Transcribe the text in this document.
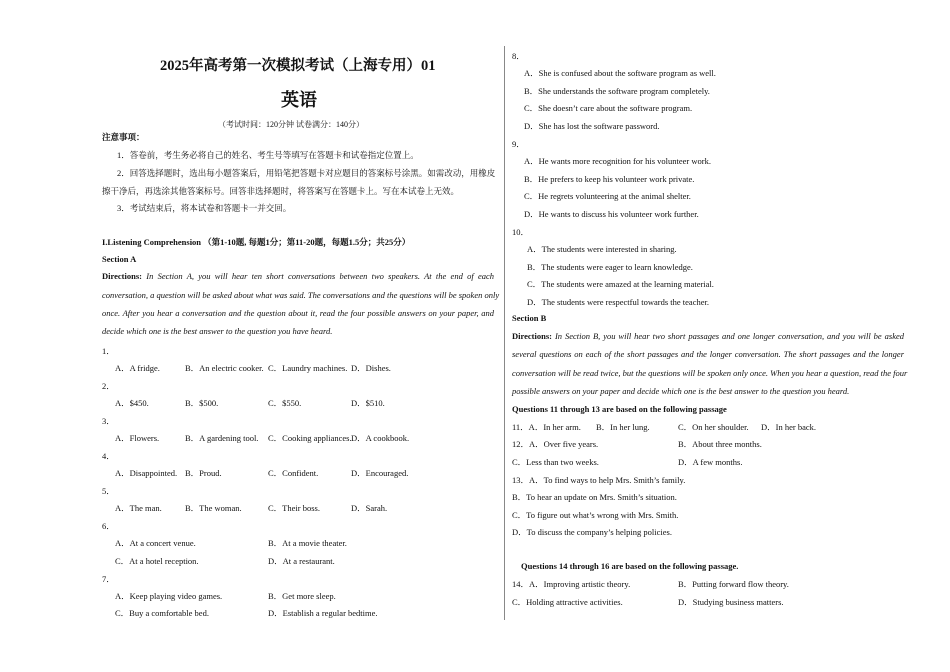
2025年高考第一次模拟考试（上海专用）01
英语
（考试时间：120分钟 试卷满分：140分）
注意事项：
1．答卷前，考生务必将自己的姓名、考生号等填写在答题卡和试卷指定位置上。
2．回答选择题时，选出每小题答案后，用铅笔把答题卡对应题目的答案标号涂黑。如需改动，用橡皮
擦干净后，再选涂其他答案标号。回答非选择题时，将答案写在答题卡上。写在本试卷上无效。
3．考试结束后，将本试卷和答题卡一并交回。
I.Listening Comprehension （第1-10题, 每题1分；第11-20题，每题1.5分；共25分）
Section A
Directions: In Section A, you will hear ten short conversations between two speakers. At the end of each
conversation, a question will be asked about what was said. The conversations and the questions will be spoken only
once. After you hear a conversation and the question about it, read the four possible answers on your paper, and
decide which one is the best answer to the question you have heard.
1．
A．A fridge.	B．An electric cooker. C．Laundry machines. D．Dishes.
2．
A．$450.	B．$500.	C．$550.	D．$510.
3．
A．Flowers.	B．A gardening tool. C．Cooking appliances. D．A cookbook.
4．
A．Disappointed. B．Proud.	C．Confident.	D．Encouraged.
5．
A．The man.	B．The woman.	C．Their boss.	D．Sarah.
6．
A．At a concert venue.	B．At a movie theater.
C．At a hotel reception.	D．At a restaurant.
7．
A．Keep playing video games.	B．Get more sleep.
C．Buy a comfortable bed.	D．Establish a regular bedtime.
8．
A．She is confused about the software program as well.
B．She understands the software program completely.
C．She doesn’t care about the software program.
D．She has lost the software password.
9．
A．He wants more recognition for his volunteer work.
B．He prefers to keep his volunteer work private.
C．He regrets volunteering at the animal shelter.
D．He wants to discuss his volunteer work further.
10．
A．The students were interested in sharing.
B．The students were eager to learn knowledge.
C．The students were amazed at the learning material.
D．The students were respectful towards the teacher.
Section B
Directions: In Section B, you will hear two short passages and one longer conversation, and you will be asked
several questions on each of the short passages and the longer conversation. The short passages and the longer
conversation will be read twice, but the questions will be spoken only once. When you hear a question, read the four
possible answers on your paper and decide which one is the best answer to the question you heard.
Questions 11 through 13 are based on the following passage
11．A．In her arm. B．In her lung.	C．On her shoulder. D．In her back.
12．A．Over five years.	B．About three months.
C．Less than two weeks.	D．A few months.
13．A．To find ways to help Mrs. Smith’s family.
B．To hear an update on Mrs. Smith’s situation.
C．To figure out what’s wrong with Mrs. Smith.
D．To discuss the company’s helping policies.
Questions 14 through 16 are based on the following passage.
14．A．Improving artistic theory.	B．Putting forward flow theory.
C．Holding attractive activities.	D．Studying business matters.
